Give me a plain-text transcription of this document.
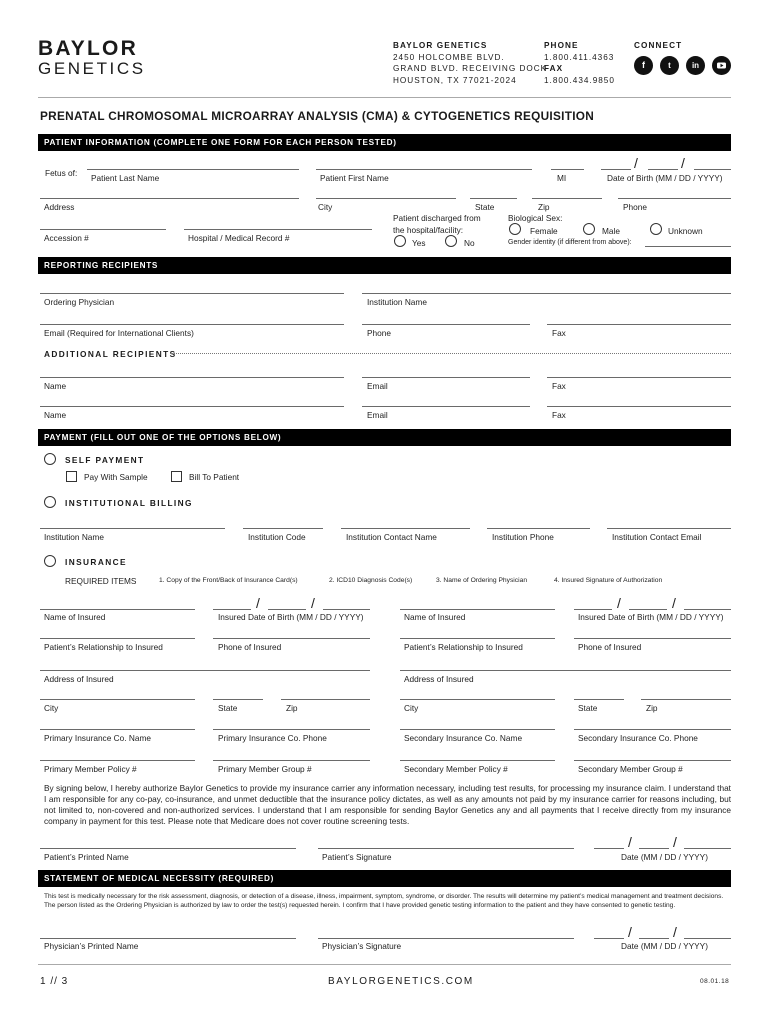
BAYLOR
GENETICS
BAYLOR GENETICS
2450 HOLCOMBE BLVD.
GRAND BLVD. RECEIVING DOCK
HOUSTON, TX 77021-2024
PHONE
1.800.411.4363
FAX
1.800.434.9850
CONNECT
f	t	in
PRENATAL CHROMOSOMAL MICROARRAY ANALYSIS (CMA) & CYTOGENETICS REQUISITION
PATIENT INFORMATION (COMPLETE ONE FORM FOR EACH PERSON TESTED)
Fetus of: Patient Last Name	Patient First Name	MI
/	/
Date of Birth (MM / DD / YYYY)
Address	City	State	Zip	Phone
Patient discharged from
the hospital/facility:
Yes	No
Biological Sex:
Female	Male	Unknown
Gender identity (if different from above):
Accession #	Hospital / Medical Record #
REPORTING RECIPIENTS
Ordering Physician	Institution Name
Email (Required for International Clients)	Phone	Fax
ADDITIONAL RECIPIENTS
Name	Email	Fax
Name	Email	Fax
PAYMENT (FILL OUT ONE OF THE OPTIONS BELOW)
SELF PAYMENT
Pay With Sample	Bill To Patient
INSTITUTIONAL BILLING
Institution Name	Institution Code	Institution Contact Name	Institution Phone	Institution Contact Email
INSURANCE
REQUIRED ITEMS	1. Copy of the Front/Back of Insurance Card(s)	2. ICD10 Diagnosis Code(s)	3. Name of Ordering Physician	4. Insured Signature of Authorization
Name of Insured
/	/
Insured Date of Birth (MM / DD / YYYY)
Patient’s Relationship to Insured	Phone of Insured
Address of Insured
City	State	Zip
Primary Insurance Co. Name	Primary Insurance Co. Phone
Primary Member Policy #	Primary Member Group #
Name of Insured
/	/
Insured Date of Birth (MM / DD / YYYY)
Patient’s Relationship to Insured	Phone of Insured
Address of Insured
City	State	Zip
Secondary Insurance Co. Name	Secondary Insurance Co. Phone
Secondary Member Policy #	Secondary Member Group #
By signing below, I hereby authorize Baylor Genetics to provide my insurance carrier any information necessary, including test results, for processing my insurance claim. I understand that I am responsible for any co-pay, co-insurance, and unmet deductible that the insurance policy dictates, as well as any amounts not paid by my insurance carrier for reasons including, but not limited to, non-covered and non-authorized services. I understand that I am responsible for sending Baylor Genetics any and all payments that I receive directly from my insurance company in payment for this test. Please note that Medicare does not cover routine screening tests.
Patient’s Printed Name	Patient’s Signature
/	/
Date (MM / DD / YYYY)
STATEMENT OF MEDICAL NECESSITY (REQUIRED)
This test is medically necessary for the risk assessment, diagnosis, or detection of a disease, illness, impairment, symptom, syndrome, or disorder. The results will determine my patient’s medical management and treatment decisions. The person listed as the Ordering Physician is authorized by law to order the test(s) requested herein. I confirm that I have provided genetic testing information to the patient and they have consented to genetic testing.
Physician’s Printed Name	Physician’s Signature
/	/
Date (MM / DD / YYYY)
1 // 3	BAYLORGENETICS.COM	08.01.18
